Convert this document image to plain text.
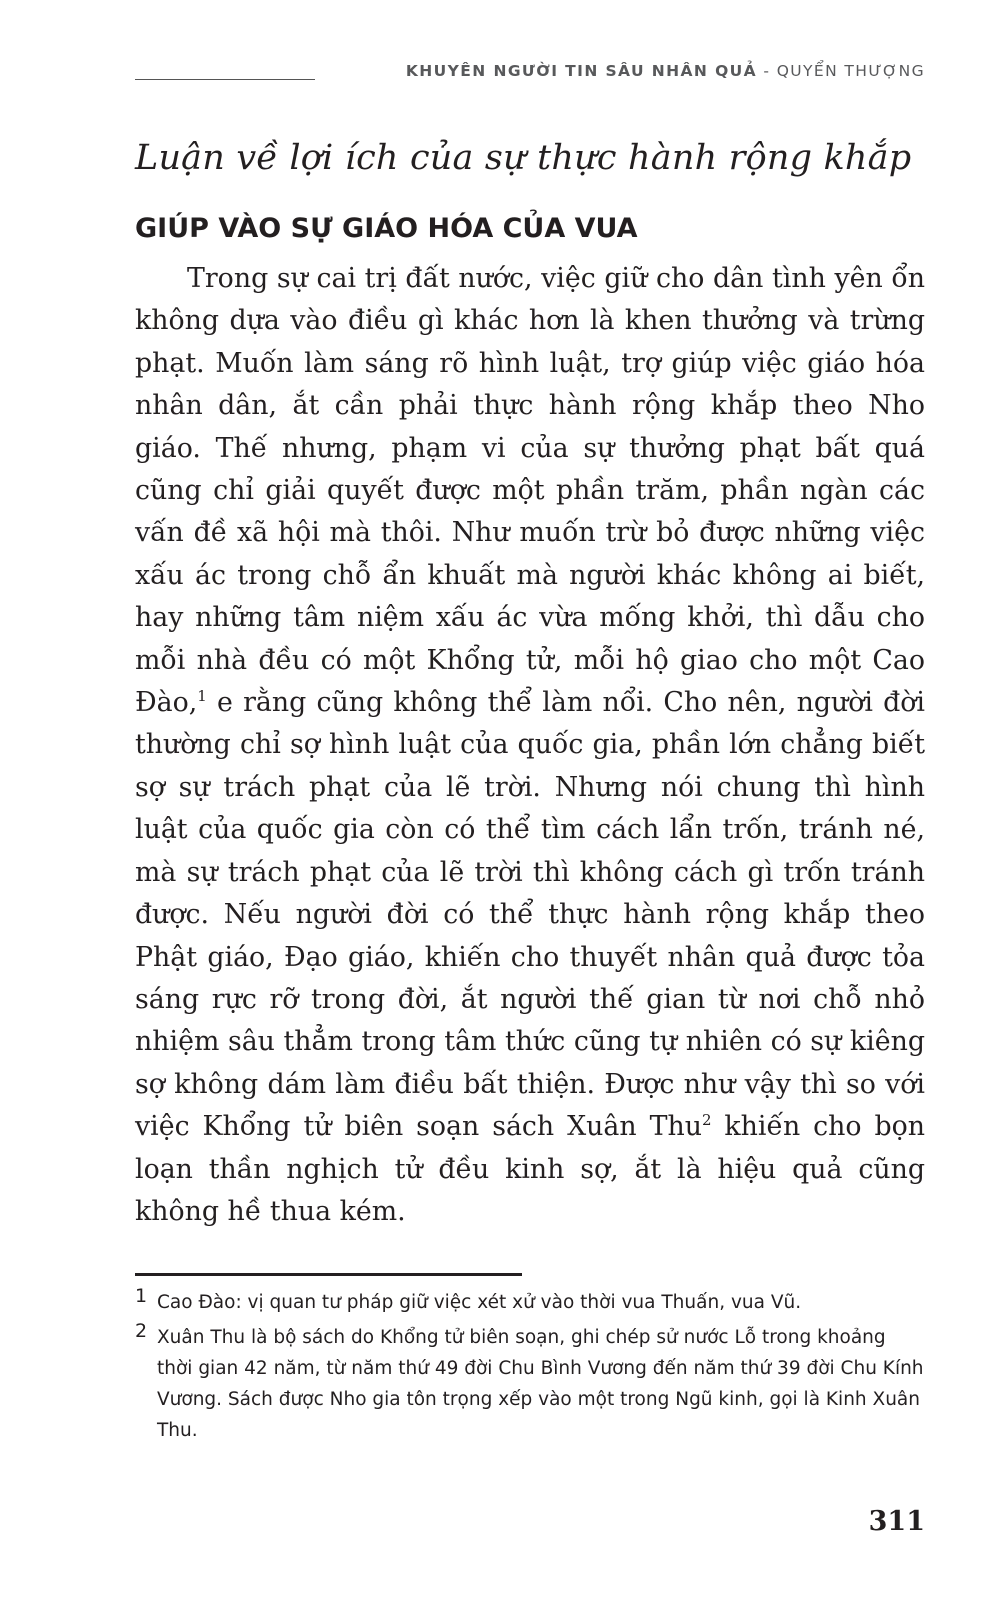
KHUYÊN NGƯỜI TIN SÂU NHÂN QUẢ - QUYỂN THƯỢNG
Luận về lợi ích của sự thực hành rộng khắp
GIÚP VÀO SỰ GIÁO HÓA CỦA VUA

Trong sự cai trị đất nước, việc giữ cho dân tình yên ổn không dựa vào điều gì khác hơn là khen thưởng và trừng phạt. Muốn làm sáng rõ hình luật, trợ giúp việc giáo hóa nhân dân, ắt cần phải thực hành rộng khắp theo Nho giáo. Thế nhưng, phạm vi của sự thưởng phạt bất quá cũng chỉ giải quyết được một phần trăm, phần ngàn các vấn đề xã hội mà thôi. Như muốn trừ bỏ được những việc xấu ác trong chỗ ẩn khuất mà người khác không ai biết, hay những tâm niệm xấu ác vừa mống khởi, thì dẫu cho mỗi nhà đều có một Khổng tử, mỗi hộ giao cho một Cao Đào,$^1$ e rằng cũng không thể làm nổi. Cho nên, người đời thường chỉ sợ hình luật của quốc gia, phần lớn chẳng biết sợ sự trách phạt của lẽ trời. Nhưng nói chung thì hình luật của quốc gia còn có thể tìm cách lẩn trốn, tránh né, mà sự trách phạt của lẽ trời thì không cách gì trốn tránh được. Nếu người đời có thể thực hành rộng khắp theo Phật giáo, Đạo giáo, khiến cho thuyết nhân quả được tỏa sáng rực rỡ trong đời, ắt người thế gian từ nơi chỗ nhỏ nhiệm sâu thẳm trong tâm thức cũng tự nhiên có sự kiêng sợ không dám làm điều bất thiện. Được như vậy thì so với việc Khổng tử biên soạn sách Xuân Thu$^2$ khiến cho bọn loạn thần nghịch tử đều kinh sợ, ắt là hiệu quả cũng không hề thua kém.

1 Cao Đào: vị quan tư pháp giữ việc xét xử vào thời vua Thuấn, vua Vũ.
2 Xuân Thu là bộ sách do Khổng tử biên soạn, ghi chép sử nước Lỗ trong khoảng thời gian 42 năm, từ năm thứ 49 đời Chu Bình Vương đến năm thứ 39 đời Chu Kính Vương. Sách được Nho gia tôn trọng xếp vào một trong Ngũ kinh, gọi là Kinh Xuân Thu.
311
